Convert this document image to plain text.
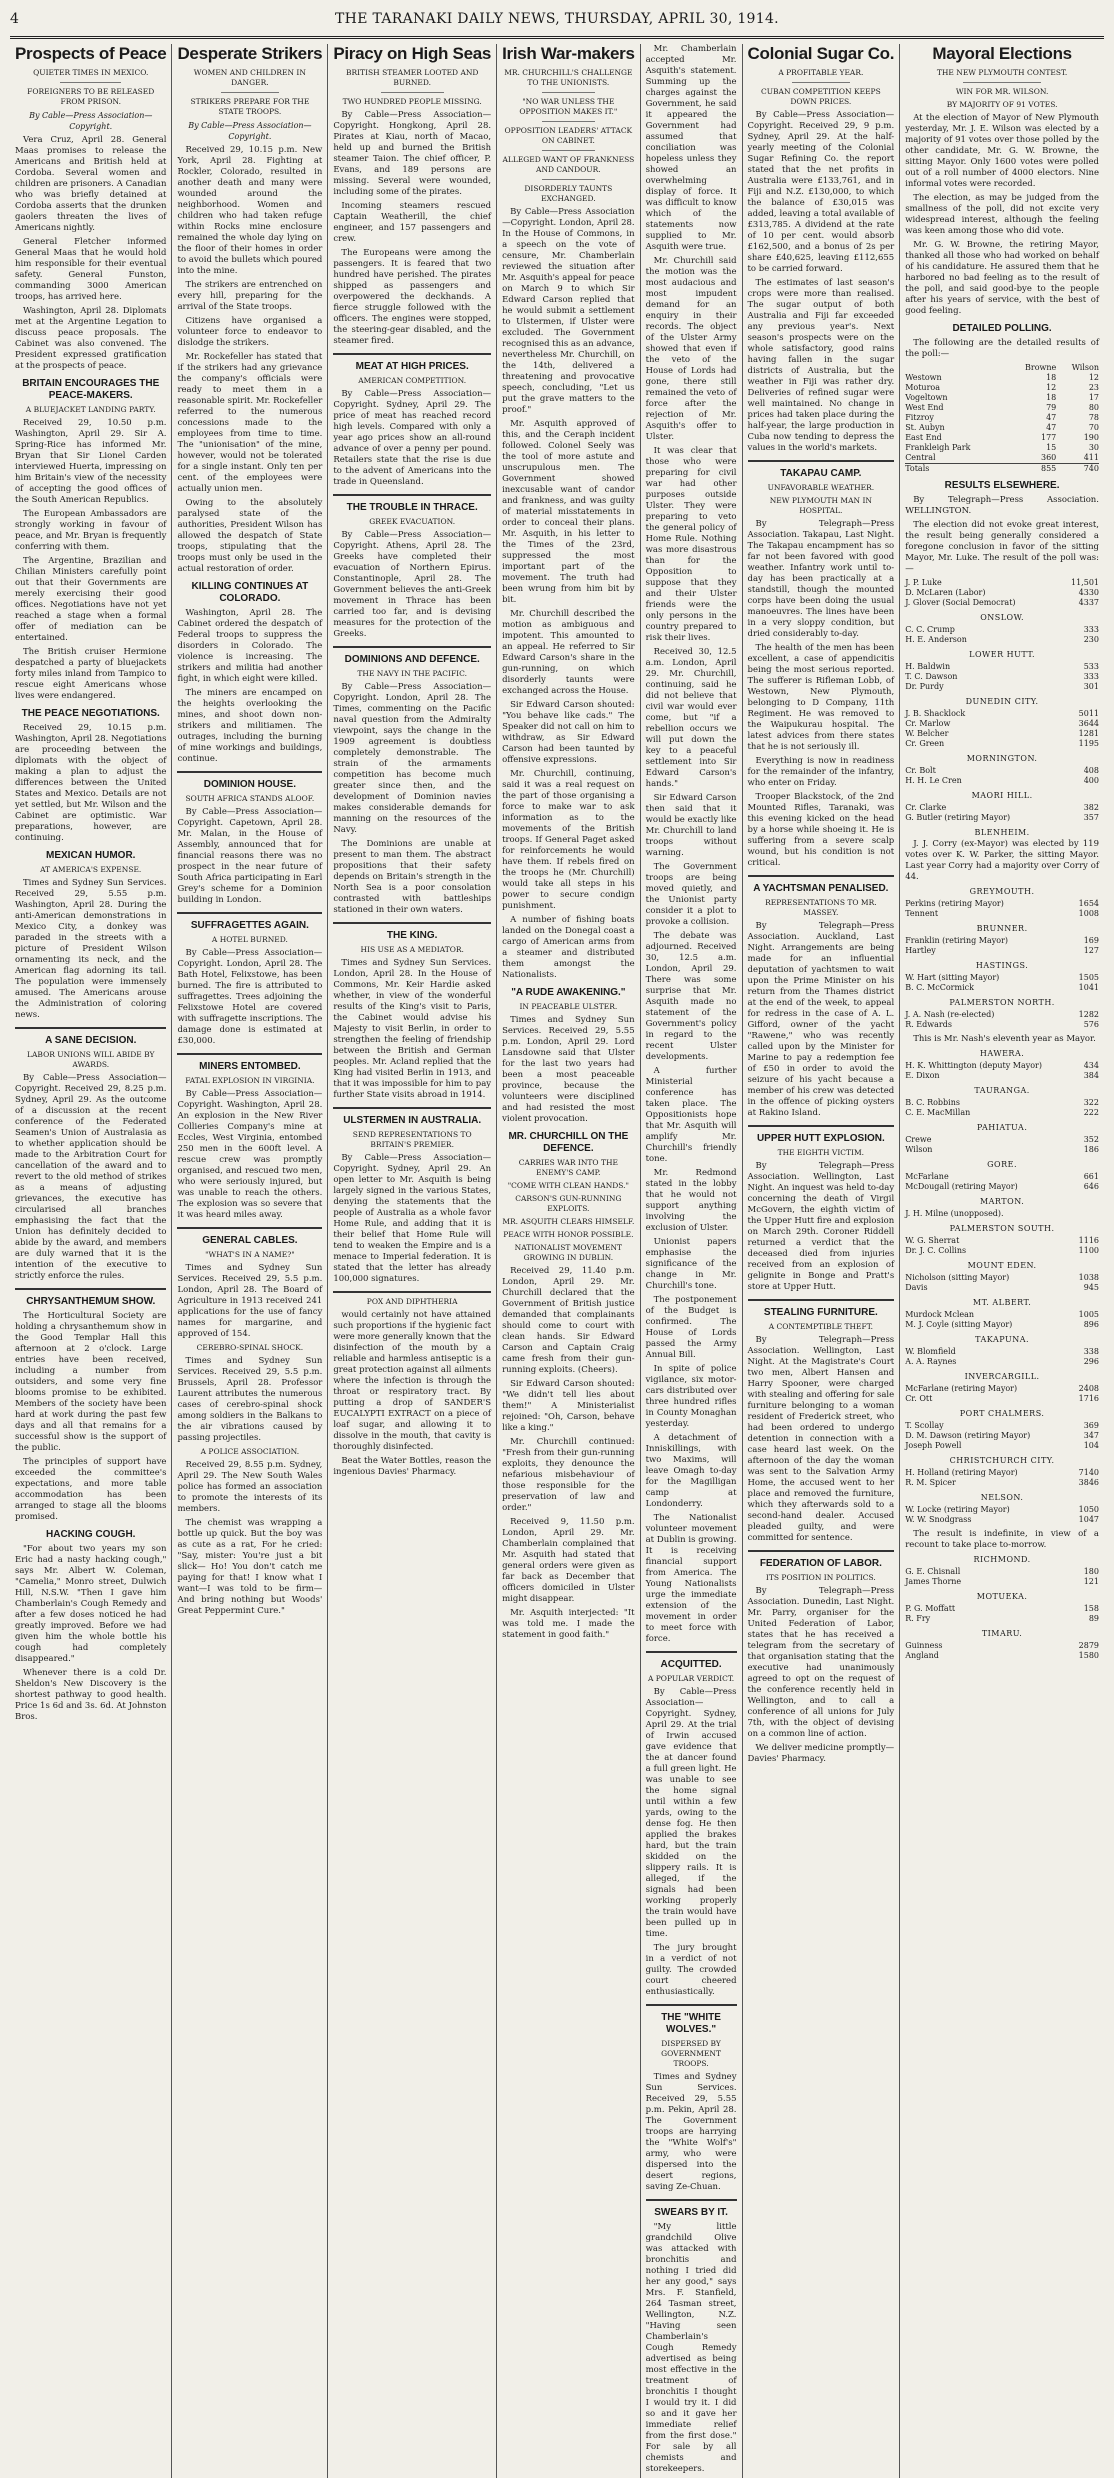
4	THE TARANAKI DAILY NEWS, THURSDAY, APRIL 30, 1914.
Prospects of Peace
QUIETER TIMES IN MEXICO.
FOREIGNERS TO BE RELEASED FROM PRISON.

By Cable—Press Association—Copyright.

Vera Cruz, April 28. General Maas promises to release the Americans and British held at Cordoba. Several women and children are prisoners. A Canadian who was briefly detained at Cordoba asserts that the drunken gaolers threaten the lives of Americans nightly.

General Fletcher informed General Maas that he would hold him responsible for their eventual safety. General Funston, commanding 3000 American troops, has arrived here.

Washington, April 28. Diplomats met at the Argentine Legation to discuss peace proposals. The Cabinet was also convened. The President expressed gratification at the prospects of peace.

BRITAIN ENCOURAGES THE PEACE-MAKERS.
A BLUEJACKET LANDING PARTY.

Received 29, 10.50 p.m. Washington, April 29. Sir A. Spring-Rice has informed Mr. Bryan that Sir Lionel Carden interviewed Huerta, impressing on him Britain's view of the necessity of accepting the good offices of the South American Republics.

The European Ambassadors are strongly working in favour of peace, and Mr. Bryan is frequently conferring with them.

The Argentine, Brazilian and Chilian Ministers carefully point out that their Governments are merely exercising their good offices. Negotiations have not yet reached a stage when a formal offer of mediation can be entertained.

The British cruiser Hermione despatched a party of bluejackets forty miles inland from Tampico to rescue eight Americans whose lives were endangered.

THE PEACE NEGOTIATIONS.

Received 29, 10.15 p.m. Washington, April 28. Negotiations are proceeding between the diplomats with the object of making a plan to adjust the differences between the United States and Mexico. Details are not yet settled, but Mr. Wilson and the Cabinet are optimistic. War preparations, however, are continuing.

MEXICAN HUMOR.
AT AMERICA'S EXPENSE.

Times and Sydney Sun Services. Received 29, 5.55 p.m. Washington, April 28. During the anti-American demonstrations in Mexico City, a donkey was paraded in the streets with a picture of President Wilson ornamenting its neck, and the American flag adorning its tail. The population were immensely amused. The Americans arouse the Administration of coloring news.

A SANE DECISION.
LABOR UNIONS WILL ABIDE BY AWARDS.

By Cable—Press Association—Copyright. Received 29, 8.25 p.m. Sydney, April 29. As the outcome of a discussion at the recent conference of the Federated Seamen's Union of Australasia as to whether application should be made to the Arbitration Court for cancellation of the award and to revert to the old method of strikes as a means of adjusting grievances, the executive has circularised all branches emphasising the fact that the Union has definitely decided to abide by the award, and members are duly warned that it is the intention of the executive to strictly enforce the rules.

CHRYSANTHEMUM SHOW.

The Horticultural Society are holding a chrysanthemum show in the Good Templar Hall this afternoon at 2 o'clock. Large entries have been received, including a number from outsiders, and some very fine blooms promise to be exhibited. Members of the society have been hard at work during the past few days and all that remains for a successful show is the support of the public.

The principles of support have exceeded the committee's expectations, and more table accommodation has been arranged to stage all the blooms promised.

HACKING COUGH.

"For about two years my son Eric had a nasty hacking cough," says Mr. Albert W. Coleman, "Camelia," Monro street, Dulwich Hill, N.S.W. "Then I gave him Chamberlain's Cough Remedy and after a few doses noticed he had greatly improved. Before we had given him the whole bottle his cough had completely disappeared."

Whenever there is a cold Dr. Sheldon's New Discovery is the shortest pathway to good health. Price 1s 6d and 3s. 6d. At Johnston Bros.

Desperate Strikers
WOMEN AND CHILDREN IN DANGER.
STRIKERS PREPARE FOR THE STATE TROOPS.

By Cable—Press Association—Copyright.

Received 29, 10.15 p.m. New York, April 28. Fighting at Rockler, Colorado, resulted in another death and many were wounded around the neighborhood. Women and children who had taken refuge within Rocks mine enclosure remained the whole day lying on the floor of their homes in order to avoid the bullets which poured into the mine.

The strikers are entrenched on every hill, preparing for the arrival of the State troops.

Citizens have organised a volunteer force to endeavor to dislodge the strikers.

Mr. Rockefeller has stated that if the strikers had any grievance the company's officials were ready to meet them in a reasonable spirit. Mr. Rockefeller referred to the numerous concessions made to the employees from time to time. The "unionisation" of the mine, however, would not be tolerated for a single instant. Only ten per cent. of the employees were actually union men.

Owing to the absolutely paralysed state of the authorities, President Wilson has allowed the despatch of State troops, stipulating that the troops must only be used in the actual restoration of order.

KILLING CONTINUES AT COLORADO.

Washington, April 28. The Cabinet ordered the despatch of Federal troops to suppress the disorders in Colorado. The violence is increasing. The strikers and militia had another fight, in which eight were killed.

The miners are encamped on the heights overlooking the mines, and shoot down non-strikers and militiamen. The outrages, including the burning of mine workings and buildings, continue.

DOMINION HOUSE.
SOUTH AFRICA STANDS ALOOF.

By Cable—Press Association—Copyright. Capetown, April 28. Mr. Malan, in the House of Assembly, announced that for financial reasons there was no prospect in the near future of South Africa participating in Earl Grey's scheme for a Dominion building in London.

SUFFRAGETTES AGAIN.
A HOTEL BURNED.

By Cable—Press Association—Copyright. London, April 28. The Bath Hotel, Felixstowe, has been burned. The fire is attributed to suffragettes. Trees adjoining the Felixstowe Hotel are covered with suffragette inscriptions. The damage done is estimated at £30,000.

MINERS ENTOMBED.
FATAL EXPLOSION IN VIRGINIA.

By Cable—Press Association—Copyright. Washington, April 28. An explosion in the New River Collieries Company's mine at Eccles, West Virginia, entombed 250 men in the 600ft level. A rescue crew was promptly organised, and rescued two men, who were seriously injured, but was unable to reach the others. The explosion was so severe that it was heard miles away.

GENERAL CABLES.
"WHAT'S IN A NAME?"

Times and Sydney Sun Services. Received 29, 5.5 p.m. London, April 28. The Board of Agriculture in 1913 received 241 applications for the use of fancy names for margarine, and approved of 154.

CEREBRO-SPINAL SHOCK.

Times and Sydney Sun Services. Received 29, 5.5 p.m. Brussels, April 28. Professor Laurent attributes the numerous cases of cerebro-spinal shock among soldiers in the Balkans to the air vibrations caused by passing projectiles.

A POLICE ASSOCIATION.

Received 29, 8.55 p.m. Sydney, April 29. The New South Wales police has formed an association to promote the interests of its members.

The chemist was wrapping a bottle up quick. But the boy was as cute as a rat, For he cried: "Say, mister: You're just a bit slick— Ho! You don't catch me paying for that! I know what I want—I was told to be firm— And bring nothing but Woods' Great Peppermint Cure."

Piracy on High Seas
BRITISH STEAMER LOOTED AND BURNED.
TWO HUNDRED PEOPLE MISSING.

By Cable—Press Association—Copyright. Hongkong, April 28. Pirates at Kiau, north of Macao, held up and burned the British steamer Taion. The chief officer, P. Evans, and 189 persons are missing. Several were wounded, including some of the pirates.

Incoming steamers rescued Captain Weatherill, the chief engineer, and 157 passengers and crew.

The Europeans were among the passengers. It is feared that two hundred have perished. The pirates shipped as passengers and overpowered the deckhands. A fierce struggle followed with the officers. The engines were stopped, the steering-gear disabled, and the steamer fired.

MEAT AT HIGH PRICES.
AMERICAN COMPETITION.

By Cable—Press Association—Copyright. Sydney, April 29. The price of meat has reached record high levels. Compared with only a year ago prices show an all-round advance of over a penny per pound. Retailers state that the rise is due to the advent of Americans into the trade in Queensland.

THE TROUBLE IN THRACE.
GREEK EVACUATION.

By Cable—Press Association—Copyright. Athens, April 28. The Greeks have completed their evacuation of Northern Epirus. Constantinople, April 28. The Government believes the anti-Greek movement in Thrace has been carried too far, and is devising measures for the protection of the Greeks.

DOMINIONS AND DEFENCE.
THE NAVY IN THE PACIFIC.

By Cable—Press Association—Copyright. London, April 28. The Times, commenting on the Pacific naval question from the Admiralty viewpoint, says the change in the 1909 agreement is doubtless completely demonstrable. The strain of the armaments competition has become much greater since then, and the development of Dominion navies makes considerable demands for manning on the resources of the Navy.

The Dominions are unable at present to man them. The abstract propositions that their safety depends on Britain's strength in the North Sea is a poor consolation contrasted with battleships stationed in their own waters.

THE KING.
HIS USE AS A MEDIATOR.

Times and Sydney Sun Services. London, April 28. In the House of Commons, Mr. Keir Hardie asked whether, in view of the wonderful results of the King's visit to Paris, the Cabinet would advise his Majesty to visit Berlin, in order to strengthen the feeling of friendship between the British and German peoples. Mr. Acland replied that the King had visited Berlin in 1913, and that it was impossible for him to pay further State visits abroad in 1914.

ULSTERMEN IN AUSTRALIA.
SEND REPRESENTATIONS TO BRITAIN'S PREMIER.

By Cable—Press Association—Copyright. Sydney, April 29. An open letter to Mr. Asquith is being largely signed in the various States, denying the statements that the people of Australia as a whole favor Home Rule, and adding that it is their belief that Home Rule will tend to weaken the Empire and is a menace to Imperial federation. It is stated that the letter has already 100,000 signatures.

POX AND DIPHTHERIA

would certainly not have attained such proportions if the hygienic fact were more generally known that the disinfection of the mouth by a reliable and harmless antiseptic is a great protection against all ailments where the infection is through the throat or respiratory tract. By putting a drop of SANDER'S EUCALYPTI EXTRACT on a piece of loaf sugar, and allowing it to dissolve in the mouth, that cavity is thoroughly disinfected.

Beat the Water Bottles, reason the ingenious Davies' Pharmacy.

Irish War-makers
MR. CHURCHILL'S CHALLENGE TO THE UNIONISTS.
"NO WAR UNLESS THE OPPOSITION MAKES IT."
OPPOSITION LEADERS' ATTACK ON CABINET.
ALLEGED WANT OF FRANKNESS AND CANDOUR.
DISORDERLY TAUNTS EXCHANGED.

By Cable—Press Association—Copyright. London, April 28. In the House of Commons, in a speech on the vote of censure, Mr. Chamberlain reviewed the situation after Mr. Asquith's appeal for peace on March 9 to which Sir Edward Carson replied that he would submit a settlement to Ulstermen, if Ulster were excluded. The Government recognised this as an advance, nevertheless Mr. Churchill, on the 14th, delivered a threatening and provocative speech, concluding, "Let us put the grave matters to the proof."

Mr. Asquith approved of this, and the Ceraph incident followed. Colonel Seely was the tool of more astute and unscrupulous men. The Government showed inexcusable want of candor and frankness, and was guilty of material misstatements in order to conceal their plans. Mr. Asquith, in his letter to the Times of the 23rd, suppressed the most important part of the movement. The truth had been wrung from him bit by bit.

Mr. Churchill described the motion as ambiguous and impotent. This amounted to an appeal. He referred to Sir Edward Carson's share in the gun-running, on which disorderly taunts were exchanged across the House.

Sir Edward Carson shouted: "You behave like cads." The Speaker did not call on him to withdraw, as Sir Edward Carson had been taunted by offensive expressions.

Mr. Churchill, continuing, said it was a real request on the part of those organising a force to make war to ask information as to the movements of the British troops. If General Paget asked for reinforcements he would have them. If rebels fired on the troops he (Mr. Churchill) would take all steps in his power to secure condign punishment.

A number of fishing boats landed on the Donegal coast a cargo of American arms from a steamer and distributed them amongst the Nationalists.

"A RUDE AWAKENING."
IN PEACEABLE ULSTER.

Times and Sydney Sun Services. Received 29, 5.55 p.m. London, April 29. Lord Lansdowne said that Ulster for the last two years had been a most peaceable province, because the volunteers were disciplined and had resisted the most violent provocation.

MR. CHURCHILL ON THE DEFENCE.
CARRIES WAR INTO THE ENEMY'S CAMP.
"COME WITH CLEAN HANDS."
CARSON'S GUN-RUNNING EXPLOITS.
MR. ASQUITH CLEARS HIMSELF.
PEACE WITH HONOR POSSIBLE.
NATIONALIST MOVEMENT GROWING IN DUBLIN.

Received 29, 11.40 p.m. London, April 29. Mr. Churchill declared that the Government of British justice demanded that complainants should come to court with clean hands. Sir Edward Carson and Captain Craig came fresh from their gun-running exploits. (Cheers).

Sir Edward Carson shouted: "We didn't tell lies about them!" A Ministerialist rejoined: "Oh, Carson, behave like a king."

Mr. Churchill continued: "Fresh from their gun-running exploits, they denounce the nefarious misbehaviour of those responsible for the preservation of law and order."

Received 9, 11.50 p.m. London, April 29. Mr. Chamberlain complained that Mr. Asquith had stated that general orders were given as far back as December that officers domiciled in Ulster might disappear.

Mr. Asquith interjected: "It was told me. I made the statement in good faith."

Mr. Chamberlain accepted Mr. Asquith's statement. Summing up the charges against the Government, he said it appeared the Government had assumed that conciliation was hopeless unless they showed an overwhelming display of force. It was difficult to know which of the statements now supplied to Mr. Asquith were true.

Mr. Churchill said the motion was the most audacious and most impudent demand for an enquiry in their records. The object of the Ulster Army showed that even if the veto of the House of Lords had gone, there still remained the veto of force after the rejection of Mr. Asquith's offer to Ulster.

It was clear that those who were preparing for civil war had other purposes outside Ulster. They were preparing to veto the general policy of Home Rule. Nothing was more disastrous than for the Opposition to suppose that they and their Ulster friends were the only persons in the country prepared to risk their lives.

Received 30, 12.5 a.m. London, April 29. Mr. Churchill, continuing, said he did not believe that civil war would ever come, but "if a rebellion occurs we will put down the key to a peaceful settlement into Sir Edward Carson's hands."

Sir Edward Carson then said that it would be exactly like Mr. Churchill to land troops without warning.

The Government troops are being moved quietly, and the Unionist party consider it a plot to provoke a collision.

The debate was adjourned. Received 30, 12.5 a.m. London, April 29. There was some surprise that Mr. Asquith made no statement of the Government's policy in regard to the recent Ulster developments.

A further Ministerial conference has taken place. The Oppositionists hope that Mr. Asquith will amplify Mr. Churchill's friendly tone.

Mr. Redmond stated in the lobby that he would not support anything involving the exclusion of Ulster.

Unionist papers emphasise the significance of the change in Mr. Churchill's tone.

The postponement of the Budget is confirmed. The House of Lords passed the Army Annual Bill.

In spite of police vigilance, six motor-cars distributed over three hundred rifles in County Monaghan yesterday.

A detachment of Inniskillings, with two Maxims, will leave Omagh to-day for the Magilligan camp at Londonderry.

The Nationalist volunteer movement at Dublin is growing. It is receiving financial support from America. The Young Nationalists urge the immediate extension of the movement in order to meet force with force.

ACQUITTED.
A POPULAR VERDICT.

By Cable—Press Association—Copyright. Sydney, April 29. At the trial of Irwin accused gave evidence that the at dancer found a full green light. He was unable to see the home signal until within a few yards, owing to the dense fog. He then applied the brakes hard, but the train skidded on the slippery rails. It is alleged, if the signals had been working properly the train would have been pulled up in time.

The jury brought in a verdict of not guilty. The crowded court cheered enthusiastically.

THE "WHITE WOLVES."
DISPERSED BY GOVERNMENT TROOPS.

Times and Sydney Sun Services. Received 29, 5.55 p.m. Pekin, April 28. The Government troops are harrying the "White Wolf's" army, who were dispersed into the desert regions, saving Ze-Chuan.

SWEARS BY IT.

"My little grandchild Olive was attacked with bronchitis and nothing I tried did her any good," says Mrs. F. Stanfield, 264 Tasman street, Wellington, N.Z. "Having seen Chamberlain's Cough Remedy advertised as being most effective in the treatment of bronchitis I thought I would try it. I did so and it gave her immediate relief from the first dose." For sale by all chemists and storekeepers.

Colonial Sugar Co.
A PROFITABLE YEAR.
CUBAN COMPETITION KEEPS DOWN PRICES.

By Cable—Press Association—Copyright. Received 29, 9 p.m. Sydney, April 29. At the half-yearly meeting of the Colonial Sugar Refining Co. the report stated that the net profits in Australia were £133,761, and in Fiji and N.Z. £130,000, to which the balance of £30,015 was added, leaving a total available of £313,785. A dividend at the rate of 10 per cent. would absorb £162,500, and a bonus of 2s per share £40,625, leaving £112,655 to be carried forward.

The estimates of last season's crops were more than realised. The sugar output of both Australia and Fiji far exceeded any previous year's. Next season's prospects were on the whole satisfactory, good rains having fallen in the sugar districts of Australia, but the weather in Fiji was rather dry. Deliveries of refined sugar were well maintained. No change in prices had taken place during the half-year, the large production in Cuba now tending to depress the values in the world's markets.

TAKAPAU CAMP.
UNFAVORABLE WEATHER.
NEW PLYMOUTH MAN IN HOSPITAL.

By Telegraph—Press Association. Takapau, Last Night. The Takapau encampment has so far not been favored with good weather. Infantry work until to-day has been practically at a standstill, though the mounted corps have been doing the usual manoeuvres. The lines have been in a very sloppy condition, but dried considerably to-day.

The health of the men has been excellent, a case of appendicitis being the most serious reported. The sufferer is Rifleman Lobb, of Westown, New Plymouth, belonging to D Company, 11th Regiment. He was removed to the Waipukurau hospital. The latest advices from there states that he is not seriously ill.

Everything is now in readiness for the remainder of the infantry, who enter on Friday.

Trooper Blackstock, of the 2nd Mounted Rifles, Taranaki, was this evening kicked on the head by a horse while shoeing it. He is suffering from a severe scalp wound, but his condition is not critical.

A YACHTSMAN PENALISED.
REPRESENTATIONS TO MR. MASSEY.

By Telegraph—Press Association. Auckland, Last Night. Arrangements are being made for an influential deputation of yachtsmen to wait upon the Prime Minister on his return from the Thames district at the end of the week, to appeal for redress in the case of A. L. Gifford, owner of the yacht "Rawene," who was recently called upon by the Minister for Marine to pay a redemption fee of £50 in order to avoid the seizure of his yacht because a member of his crew was detected in the offence of picking oysters at Rakino Island.

UPPER HUTT EXPLOSION.
THE EIGHTH VICTIM.

By Telegraph—Press Association. Wellington, Last Night. An inquest was held to-day concerning the death of Virgil McGovern, the eighth victim of the Upper Hutt fire and explosion on March 29th. Coroner Riddell returned a verdict that the deceased died from injuries received from an explosion of gelignite in Bonge and Pratt's store at Upper Hutt.

STEALING FURNITURE.
A CONTEMPTIBLE THEFT.

By Telegraph—Press Association. Wellington, Last Night. At the Magistrate's Court two men, Albert Hansen and Harry Spooner, were charged with stealing and offering for sale furniture belonging to a woman resident of Frederick street, who had been ordered to undergo detention in connection with a case heard last week. On the afternoon of the day the woman was sent to the Salvation Army Home, the accused went to her place and removed the furniture, which they afterwards sold to a second-hand dealer. Accused pleaded guilty, and were committed for sentence.

FEDERATION OF LABOR.
ITS POSITION IN POLITICS.

By Telegraph—Press Association. Dunedin, Last Night. Mr. Parry, organiser for the United Federation of Labor, states that he has received a telegram from the secretary of that organisation stating that the executive had unanimously agreed to opt on the request of the conference recently held in Wellington, and to call a conference of all unions for July 7th, with the object of devising on a common line of action.

We deliver medicine promptly— Davies' Pharmacy.

Mayoral Elections
THE NEW PLYMOUTH CONTEST.
WIN FOR MR. WILSON.
BY MAJORITY OF 91 VOTES.

At the election of Mayor of New Plymouth yesterday, Mr. J. E. Wilson was elected by a majority of 91 votes over those polled by the other candidate, Mr. G. W. Browne, the sitting Mayor. Only 1600 votes were polled out of a roll number of 4000 electors. Nine informal votes were recorded.

The election, as may be judged from the smallness of the poll, did not excite very widespread interest, although the feeling was keen among those who did vote.

Mr. G. W. Browne, the retiring Mayor, thanked all those who had worked on behalf of his candidature. He assured them that he harbored no bad feeling as to the result of the poll, and said good-bye to the people after his years of service, with the best of good feeling.

DETAILED POLLING.

The following are the detailed results of the poll:—

	Browne	Wilson
Westown	18	12
Moturoa	12	23
Vogeltown	18	17
West End	79	80
Fitzroy	47	78
St. Aubyn	47	70
East End	177	190
Frankleigh Park	15	30
Central	360	411
Totals	855	740
RESULTS ELSEWHERE.

By Telegraph—Press Association. WELLINGTON.

The election did not evoke great interest, the result being generally considered a foregone conclusion in favor of the sitting Mayor, Mr. Luke. The result of the poll was:—

J. P. Luke	11,501
D. McLaren (Labor)	4330
J. Glover (Social Democrat)	4337
ONSLOW.
C. C. Crump	333
H. E. Anderson	230
LOWER HUTT.
H. Baldwin	533
T. C. Dawson	333
Dr. Purdy	301
DUNEDIN CITY.
J. B. Shacklock	5011
Cr. Marlow	3644
W. Belcher	1281
Cr. Green	1195
MORNINGTON.
Cr. Bolt	408
H. H. Le Cren	400
MAORI HILL.
Cr. Clarke	382
G. Butler (retiring Mayor)	357
BLENHEIM.

J. J. Corry (ex-Mayor) was elected by 119 votes over K. W. Parker, the sitting Mayor. Last year Corry had a majority over Corry of 44.

GREYMOUTH.
Perkins (retiring Mayor)	1654
Tennent	1008
BRUNNER.
Franklin (retiring Mayor)	169
Hartley	127
HASTINGS.
W. Hart (sitting Mayor)	1505
B. C. McCormick	1041
PALMERSTON NORTH.
J. A. Nash (re-elected)	1282
R. Edwards	576

This is Mr. Nash's eleventh year as Mayor.

HAWERA.
H. K. Whittington (deputy Mayor)	434
E. Dixon	384
TAURANGA.
B. C. Robbins	322
C. E. MacMillan	222
PAHIATUA.
Crewe	352
Wilson	186
GORE.
McFarlane	661
McDougall (retiring Mayor)	646
MARTON.
J. H. Milne (unopposed).	
PALMERSTON SOUTH.
W. G. Sherrat	1116
Dr. J. C. Collins	1100
MOUNT EDEN.
Nicholson (sitting Mayor)	1038
Davis	945
MT. ALBERT.
Murdock Mclean	1005
M. J. Coyle (sitting Mayor)	896
TAKAPUNA.
W. Blomfield	338
A. A. Raynes	296
INVERCARGILL.
McFarlane (retiring Mayor)	2408
Cr. Ott	1716
PORT CHALMERS.
T. Scollay	369
D. M. Dawson (retiring Mayor)	347
Joseph Powell	104
CHRISTCHURCH CITY.
H. Holland (retiring Mayor)	7140
R. M. Spicer	3846
NELSON.
W. Locke (retiring Mayor)	1050
W. W. Snodgrass	1047

The result is indefinite, in view of a recount to take place to-morrow.

RICHMOND.
G. E. Chisnall	180
James Thorne	121
MOTUEKA.
P. G. Moffatt	158
R. Fry	89
TIMARU.
Guinness	2879
Angland	1580
